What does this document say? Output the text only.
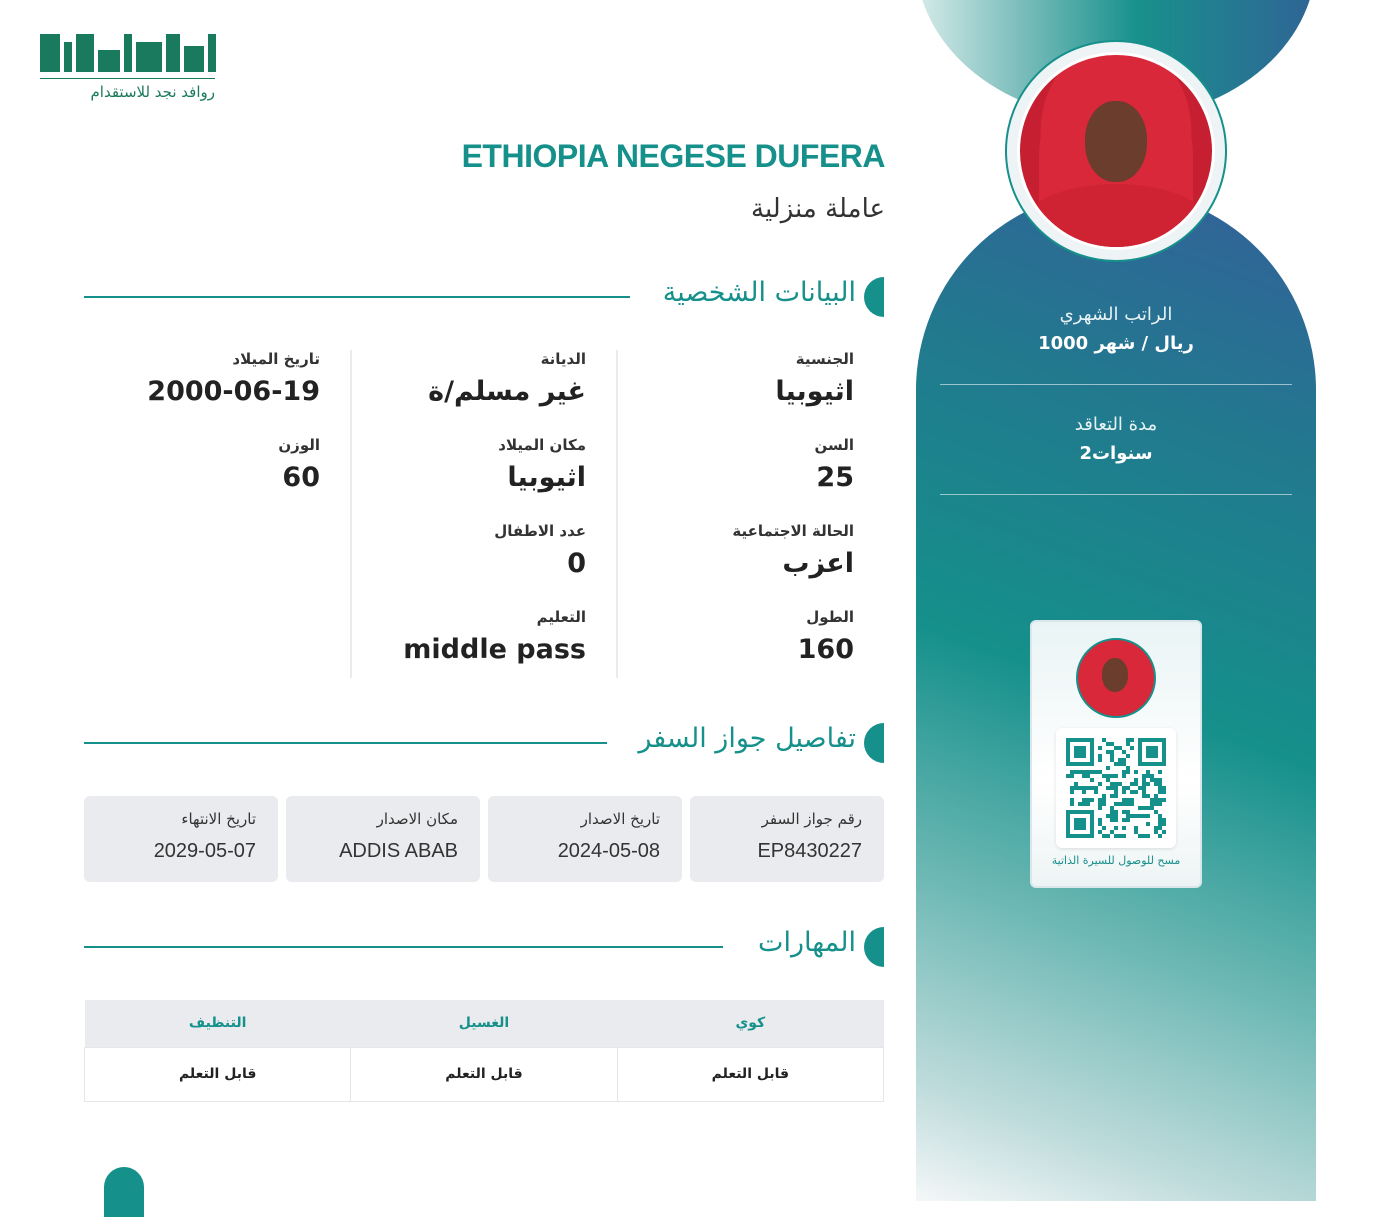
روافد نجد للاستقدام
ETHIOPIA NEGESE DUFERA
عاملة منزلية
البيانات الشخصية
الجنسية
اثيوبيا
السن
25
الحالة الاجتماعية
اعزب
الطول
160
الديانة
غير مسلم/ة
مكان الميلاد
اثيوبيا
عدد الاطفال
0
التعليم
middle pass
تاريخ الميلاد
2000-06-19
الوزن
60
تفاصيل جواز السفر
رقم جواز السفر
EP8430227
تاريخ الاصدار
2024-05-08
مكان الاصدار
ADDIS ABAB
تاريخ الانتهاء
2029-05-07
المهارات
كوي	الغسيل	التنظيف
قابل التعلم	قابل التعلم	قابل التعلم
الراتب الشهري
1000 ريال / شهر
مدة التعاقد
2سنوات
مسح للوصول للسيرة الذاتية
